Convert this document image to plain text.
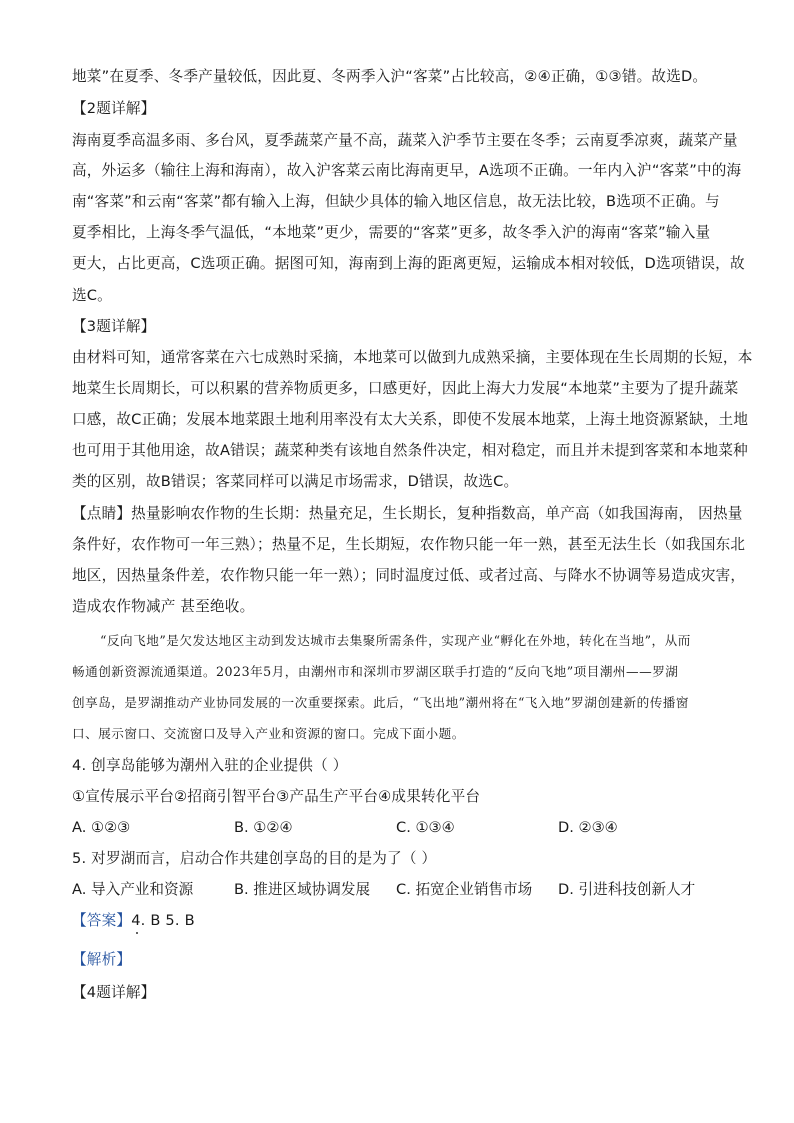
地菜”在夏季、冬季产量较低，因此夏、冬两季入沪“客菜”占比较高，②④正确，①③错。故选D。
【2题详解】
海南夏季高温多雨、多台风，夏季蔬菜产量不高，蔬菜入沪季节主要在冬季；云南夏季凉爽，蔬菜产量
高，外运多（输往上海和海南），故入沪客菜云南比海南更早，A选项不正确。一年内入沪“客菜”中的海
南“客菜”和云南“客菜”都有输入上海，但缺少具体的输入地区信息，故无法比较，B选项不正确。与
夏季相比，上海冬季气温低，“本地菜”更少，需要的“客菜”更多，故冬季入沪的海南“客菜”输入量
更大，占比更高，C选项正确。据图可知，海南到上海的距离更短，运输成本相对较低，D选项错误，故
选C。
【3题详解】
由材料可知，通常客菜在六七成熟时采摘，本地菜可以做到九成熟采摘，主要体现在生长周期的长短，本
地菜生长周期长，可以积累的营养物质更多，口感更好，因此上海大力发展“本地菜”主要为了提升蔬菜
口感，故C正确；发展本地菜跟土地利用率没有太大关系，即使不发展本地菜，上海土地资源紧缺，土地
也可用于其他用途，故A错误；蔬菜种类有该地自然条件决定，相对稳定，而且并未提到客菜和本地菜种
类的区别，故B错误；客菜同样可以满足市场需求，D错误，故选C。
【点睛】热量影响农作物的生长期：热量充足，生长期长，复种指数高，单产高（如我国海南， 因热量
条件好，农作物可一年三熟）；热量不足，生长期短，农作物只能一年一熟，甚至无法生长（如我国东北
地区，因热量条件差，农作物只能一年一熟）；同时温度过低、或者过高、与降水不协调等易造成灾害，
造成农作物减产 甚至绝收。
“反向飞地”是欠发达地区主动到发达城市去集聚所需条件，实现产业“孵化在外地，转化在当地”，从而
畅通创新资源流通渠道。2023年5月，由潮州市和深圳市罗湖区联手打造的“反向飞地”项目潮州——罗湖
创享岛，是罗湖推动产业协同发展的一次重要探索。此后，“飞出地”潮州将在“飞入地”罗湖创建新的传播窗
口、展示窗口、交流窗口及导入产业和资源的窗口。完成下面小题。
4. 创享岛能够为潮州入驻的企业提供（ ）
①宣传展示平台②招商引智平台③产品生产平台④成果转化平台
A. ①②③	B. ①②④	C. ①③④	D. ②③④
5. 对罗湖而言，启动合作共建创享岛的目的是为了（ ）
A. 导入产业和资源	B. 推进区域协调发展 C. 拓宽企业销售市场 D. 引进科技创新人才
【答案】4. B 5. B
【解析】
【4题详解】
